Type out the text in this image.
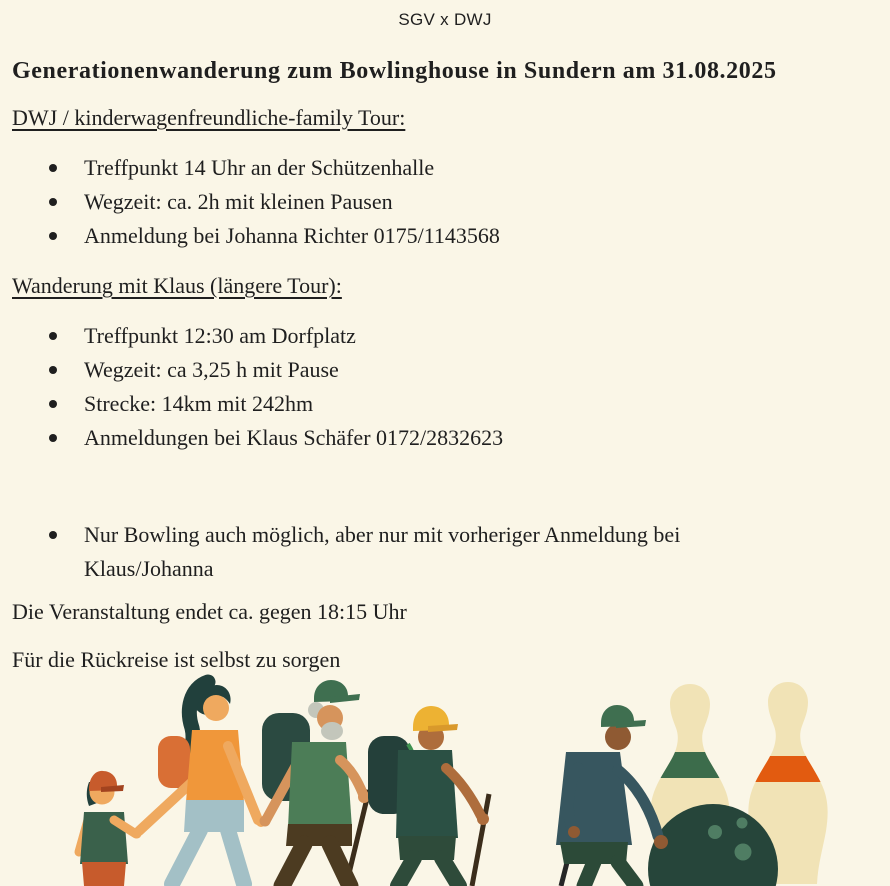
SGV x DWJ
Generationenwanderung zum Bowlinghouse in Sundern am 31.08.2025
DWJ / kinderwagenfreundliche-family Tour:
Treffpunkt 14 Uhr an der Schützenhalle
Wegzeit: ca. 2h mit kleinen Pausen
Anmeldung bei Johanna Richter 0175/1143568
Wanderung mit Klaus (längere Tour):
Treffpunkt 12:30 am Dorfplatz
Wegzeit: ca 3,25 h mit Pause
Strecke: 14km mit 242hm
Anmeldungen bei Klaus Schäfer 0172/2832623
Nur Bowling auch möglich, aber nur mit vorheriger Anmeldung bei Klaus/Johanna

Die Veranstaltung endet ca. gegen 18:15 Uhr

Für die Rückreise ist selbst zu sorgen
